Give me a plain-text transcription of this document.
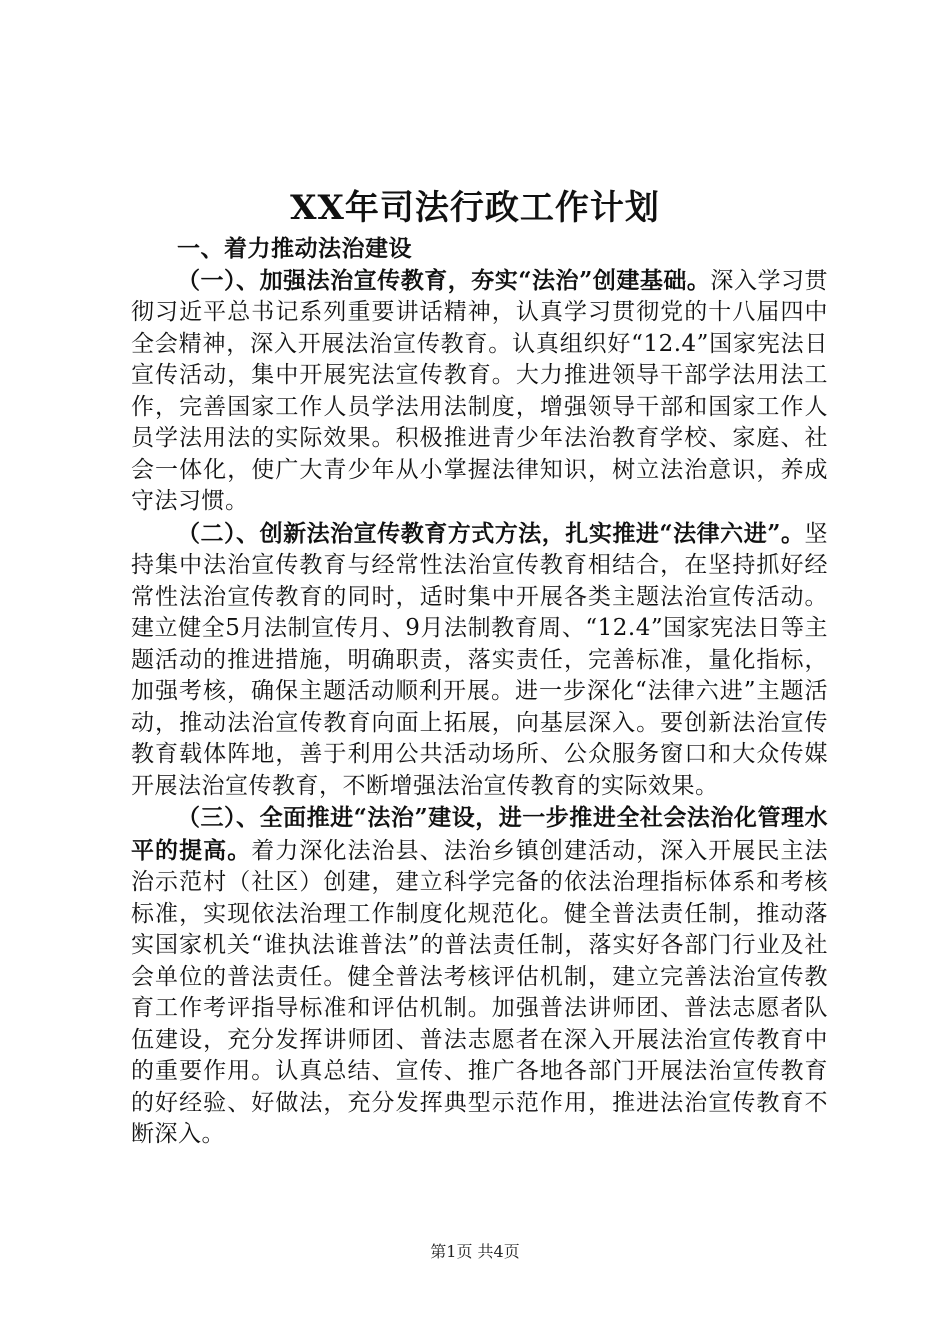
XX年司法行政工作计划

一、着力推动法治建设

（一）、加强法治宣传教育，夯实“法治”创建基础。深入学习贯彻习近平总书记系列重要讲话精神，认真学习贯彻党的十八届四中全会精神，深入开展法治宣传教育。认真组织好“12.4”国家宪法日宣传活动，集中开展宪法宣传教育。大力推进领导干部学法用法工作，完善国家工作人员学法用法制度，增强领导干部和国家工作人员学法用法的实际效果。积极推进青少年法治教育学校、家庭、社会一体化，使广大青少年从小掌握法律知识，树立法治意识，养成守法习惯。

（二）、创新法治宣传教育方式方法，扎实推进“法律六进”。坚持集中法治宣传教育与经常性法治宣传教育相结合，在坚持抓好经常性法治宣传教育的同时，适时集中开展各类主题法治宣传活动。建立健全5月法制宣传月、9月法制教育周、“12.4”国家宪法日等主题活动的推进措施，明确职责，落实责任，完善标准，量化指标，加强考核，确保主题活动顺利开展。进一步深化“法律六进”主题活动，推动法治宣传教育向面上拓展，向基层深入。要创新法治宣传教育载体阵地，善于利用公共活动场所、公众服务窗口和大众传媒开展法治宣传教育，不断增强法治宣传教育的实际效果。

（三）、全面推进“法治”建设，进一步推进全社会法治化管理水平的提高。着力深化法治县、法治乡镇创建活动，深入开展民主法治示范村（社区）创建，建立科学完备的依法治理指标体系和考核标准，实现依法治理工作制度化规范化。健全普法责任制，推动落实国家机关“谁执法谁普法”的普法责任制，落实好各部门行业及社会单位的普法责任。健全普法考核评估机制，建立完善法治宣传教育工作考评指导标准和评估机制。加强普法讲师团、普法志愿者队伍建设，充分发挥讲师团、普法志愿者在深入开展法治宣传教育中的重要作用。认真总结、宣传、推广各地各部门开展法治宣传教育的好经验、好做法，充分发挥典型示范作用，推进法治宣传教育不断深入。

第1页 共4页
